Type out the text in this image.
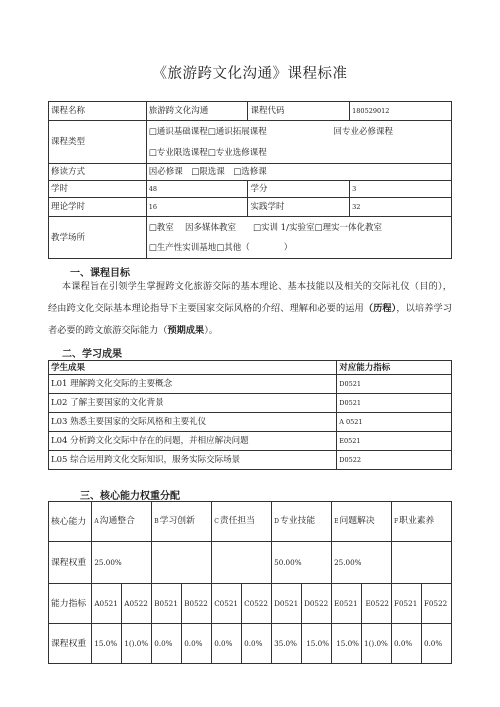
《旅游跨文化沟通》课程标准
课程名称	旅游跨文化沟通	课程代码	180529012
课程类型	□通识基础课程□通识拓展课程 回专业必修课程
□专业限选课程□专业选修课程		

修读方式	因必修课　□限选课　□选修课		
学时	48	学分	3
理论学时	16	实践学时	32
教学场所	□教室　 因多媒体教室　　□实训 1/实验室□理实一体化教室
□生产性实训基地□其他（　　　　）		
一、课程目标
本课程旨在引领学生掌握跨文化旅游交际的基本理论、基本技能以及相关的交际礼仪（目的），经由跨文化交际基本理论指导下主要国家交际风格的介绍、理解和必要的运用（历程），以培养学习者必要的跨文旅游交际能力（预期成果）。
二、学习成果
学生成果	对应能力指标
L01 理解跨文化交际的主要概念	D0521
L02 了解主要国家的文化背景	D0521
L03 熟悉主要国家的交际风格和主要礼仪	A 0521
L04 分析跨文化交际中存在的问题，并相应解决问题	E0521
L05 综合运用跨文化交际知识，服务实际交际场景	D0522
三、核心能力权重分配
核心能力	A沟通整合		B学习创新		C责任担当		D专业技能		E问题解决		F职业素养	
课程权重	25.00%						50.00%		25.00%			
能力指标	A0521	A0522	B0521	B0522	C0521	C0522	D0521	D0522	E0521	E0522	F0521	F0522
课程权重	15.0%	1().0%	0.0%	0.0%	0.0%	0.0%	35.0%	15.0%	15.0%	1().0%	0.0%	0.0%
